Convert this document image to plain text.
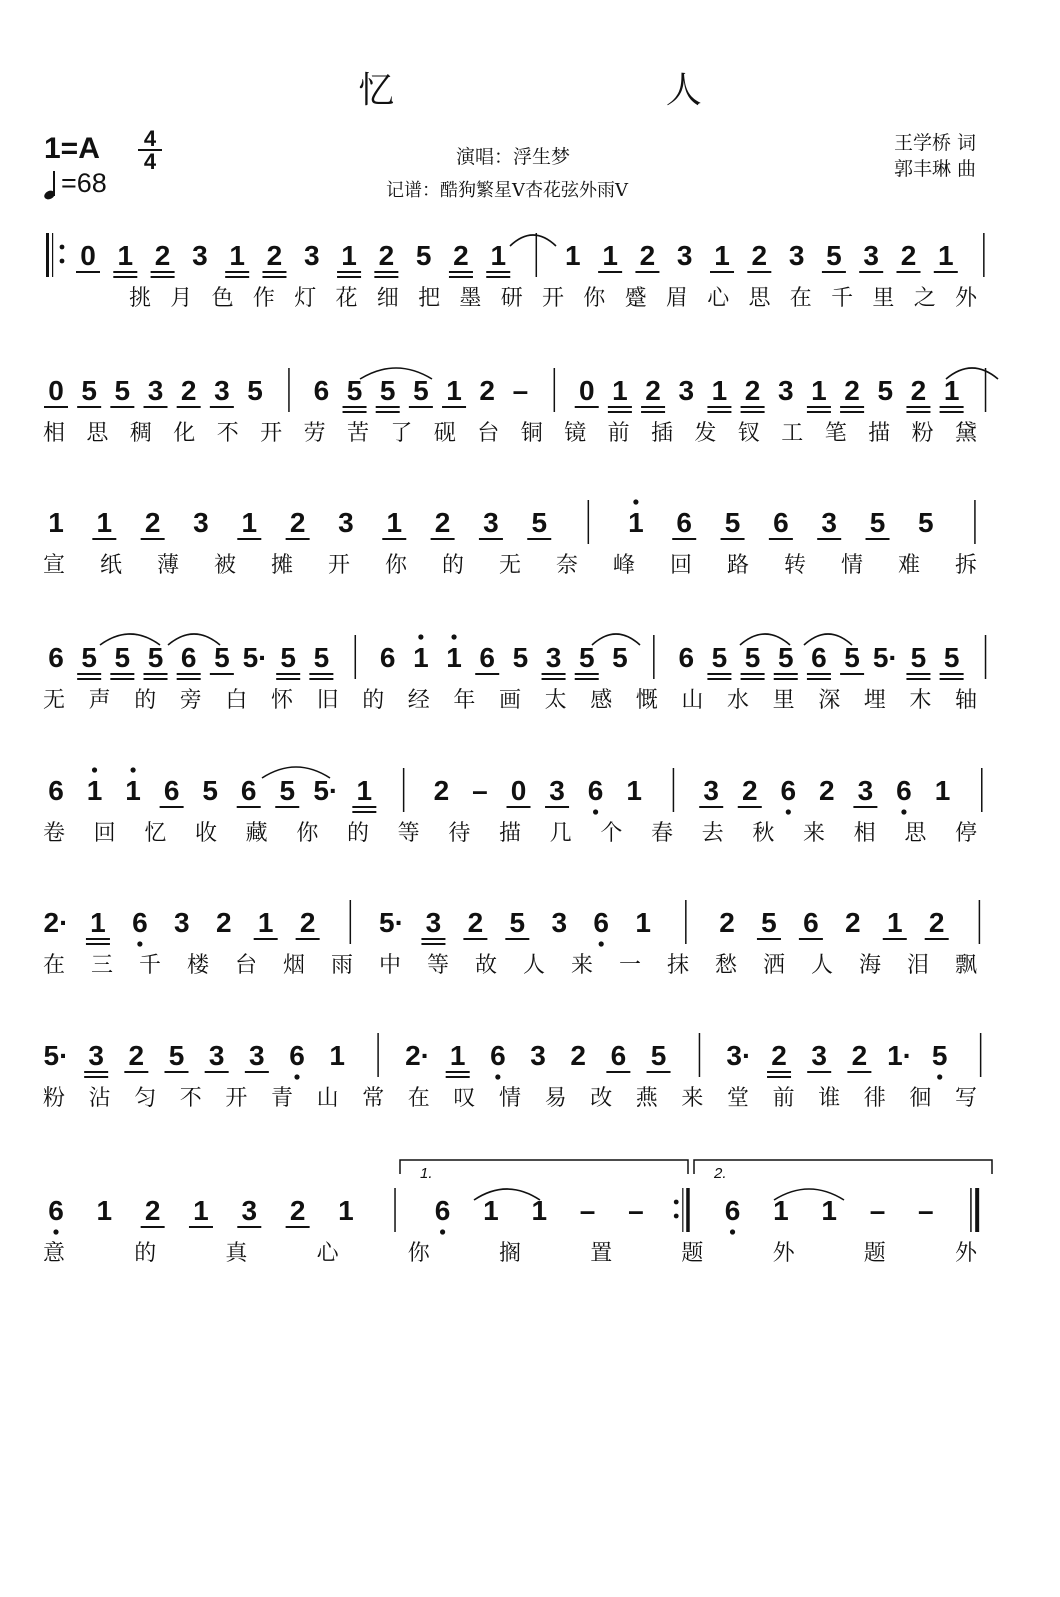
忆 人
$1=A \frac{4}{4}$
=68
演唱：浮生梦
记谱：酷狗繁星V杏花弦外雨V
王学桥 词
郭丰琳 曲
0 1 2 3 1 2 3 1 2 5 2 1 1 1 2 3 1 2 3 5 3 2 1
挑 月 色 作 灯 花 细 把 墨 研 开 你 蹙 眉 心 思 在 千 里 之 外
0 5 5 3 2 3 5 6 5 5 5 1 2 – 0 1 2 3 1 2 3 1 2 5 2 1
相 思 稠 化 不 开 劳 苦 了 砚 台 铜 镜 前 插 发 钗 工 笔 描 粉 黛
1 1 2 3 1 2 3 1 2 3 5	1 6 5 6 3 5 5
宣 纸 薄 被 摊 开 你 的 无 奈 峰 回 路 转 情 难 拆
6 5 5 5 6 5 5· 5 5 6 1 1 6 5 3 5 5 6 5 5 5 6 5 5· 5 5
无 声 的 旁 白 怀 旧 的 经 年 画 太 感 慨 山 水 里 深 埋 木 轴
6 1 1 6 5 6 5 5· 1 2 – 0 3 6 1 3 2 6 2 3 6 1
卷 回 忆 收 藏 你 的 等 待 描 几 个 春 去 秋 来 相 思 停
2· 1 6 3 2 1 2 5· 3 2 5 3 6 1 2 5 6 2 1 2
在 三 千 楼 台 烟 雨 中 等 故 人 来 一 抹 愁 洒 人 海 泪 飘
5· 3 2 5 3 3 6 1 2· 1 6 3 2 6 5 3· 2 3 2 1· 5
粉 沾 匀 不 开 青 山 常 在 叹 情 易 改 燕 来 堂 前 谁 徘 徊 写
6 1 2 1 3 2 1	6 1 1 – –	6 1 1 – –
意	的	真	心	你	搁	置	题	外	题	外
1.	2.
